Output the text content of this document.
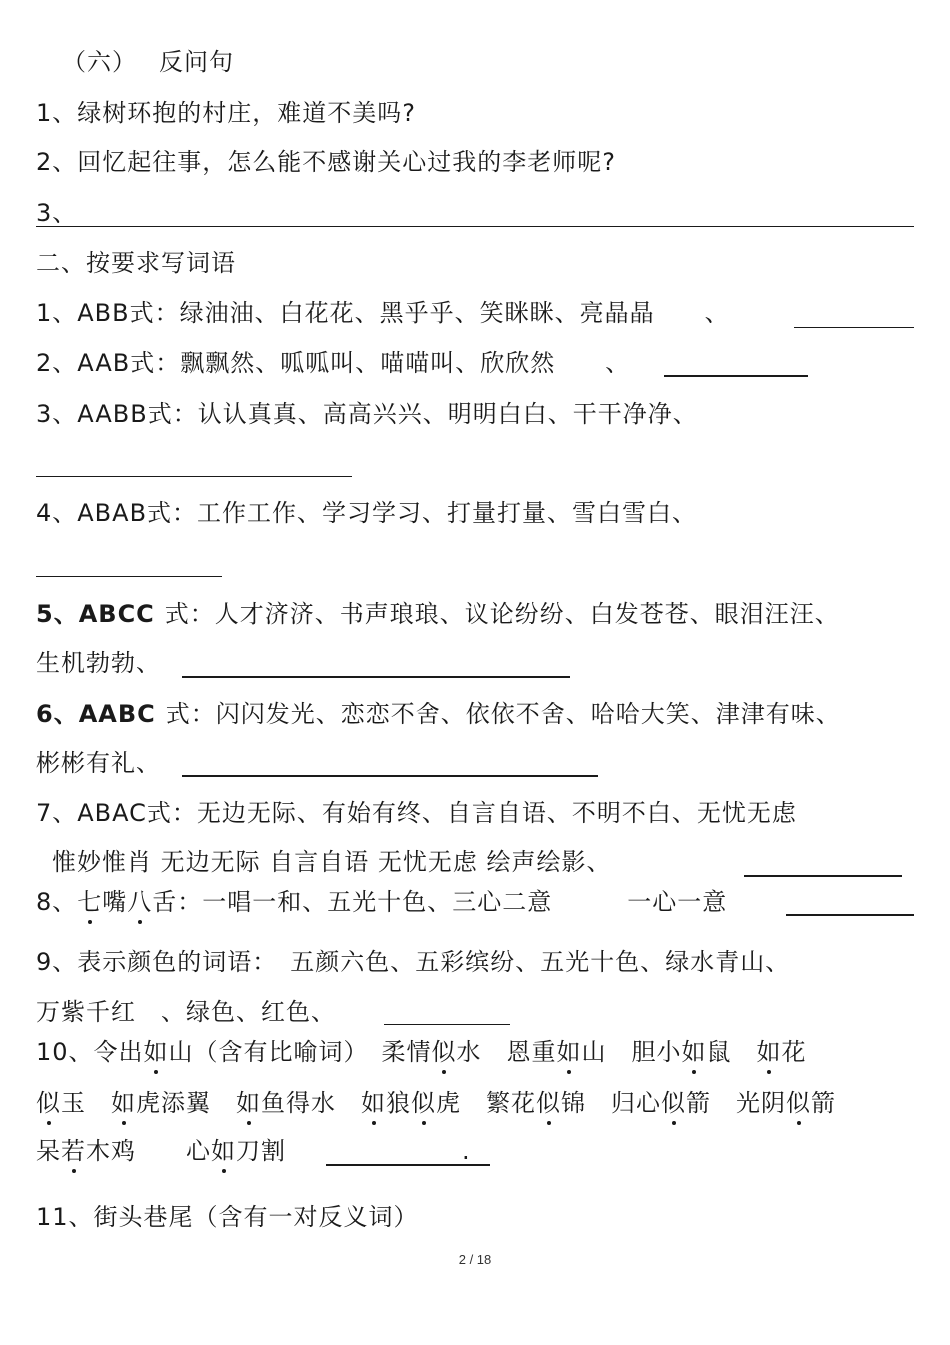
（六） 反问句
1、绿树环抱的村庄，难道不美吗?
2、回忆起往事，怎么能不感谢关心过我的李老师呢?
3、
二、按要求写词语
1、ABB式：绿油油、白花花、黑乎乎、笑眯眯、亮晶晶　　、
2、AAB式：飘飘然、呱呱叫、喵喵叫、欣欣然　　、
3、AABB式：认认真真、高高兴兴、明明白白、干干净净、
4、ABAB式：工作工作、学习学习、打量打量、雪白雪白、
5、ABCC 式：人才济济、书声琅琅、议论纷纷、白发苍苍、眼泪汪汪、
生机勃勃、
6、AABC 式：闪闪发光、恋恋不舍、依依不舍、哈哈大笑、津津有味、
彬彬有礼、
7、ABAC式：无边无际、有始有终、自言自语、不明不白、无忧无虑
惟妙惟肖 无边无际 自言自语 无忧无虑 绘声绘影、
8、七嘴八舌：一唱一和、五光十色、三心二意　　　一心一意
9、表示颜色的词语：　五颜六色、五彩缤纷、五光十色、绿水青山、
万紫千红　、绿色、红色、
10、令出如山（含有比喻词）　柔情似水　恩重如山　胆小如鼠　如花
似玉　如虎添翼　如鱼得水　如狼似虎　繁花似锦　归心似箭　光阴似箭
呆若木鸡　　心如刀割	.
11、街头巷尾（含有一对反义词）
2 / 18
